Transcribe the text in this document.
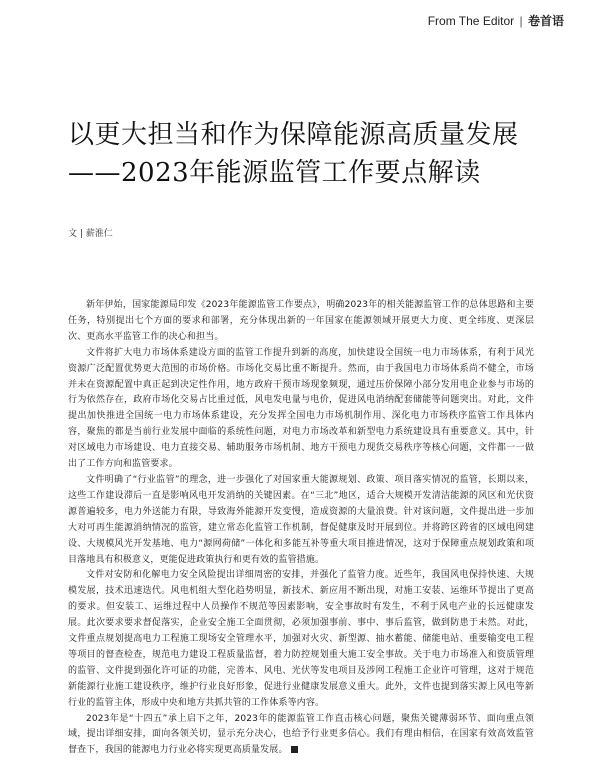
From The Editor | 卷首语
以更大担当和作为保障能源高质量发展
——2023年能源监管工作要点解读
文 | 薪淮仁

新年伊始，国家能源局印发《2023年能源监管工作要点》，明确2023年的相关能源监管工作的总体思路和主要任务，特别提出七个方面的要求和部署，充分体现出新的一年国家在能源领域开展更大力度、更全纬度、更深层次、更高水平监管工作的决心和担当。

文件将扩大电力市场体系建设方面的监管工作提升到新的高度，加快建设全国统一电力市场体系，有利于风光资源广泛配置优势更大范围的市场价格。市场化交易比重不断提升。然而，由于我国电力市场体系尚不健全，市场并未在资源配置中真正起到决定性作用，地方政府干预市场现象频现，通过压价保障小部分发用电企业参与市场的行为依然存在，政府市场化交易占比重过低，风电发电量与电价，促进风电消纳配套储能等问题突出。对此，文件提出加快推进全国统一电力市场体系建设，充分发挥全国电力市场机制作用、深化电力市场秩序监管工作具体内容，聚焦的都是当前行业发展中面临的系统性问题，对电力市场改革和新型电力系统建设具有重要意义。其中，针对区域电力市场建设、电力直接交易、辅助服务市场机制、地方干预电力现货交易秩序等核心问题，文件都一一做出了工作方向和监管要求。

文件明确了“行业监管”的理念，进一步强化了对国家重大能源规划、政策、项目落实情况的监管，长期以来，这些工作建设滞后一直是影响风电开发消纳的关键因素。在“三北”地区，适合大规模开发清洁能源的风区和光伏资源普遍较多，电力外送能力有限，导致海外能源开发变慢，造成资源的大量浪费。针对该问题，文件提出进一步加大对可再生能源消纳情况的监管，建立常态化监管工作机制，督促健康及时开展到位。并将跨区跨省的区域电网建设、大规模风光开发基地、电力“源网荷储”一体化和多能互补等重大项目推进情况，这对于保障重点规划政策和项目落地具有积极意义，更能促进政策执行和更有效的监管措施。

文件对安防和化解电力安全风险提出详细周密的安排，并强化了监管力度。近些年，我国风电保持快速、大规模发展，技术迅速迭代。风电机组大型化趋势明显，新技术、新应用不断出现，对施工安装、运维环节提出了更高的要求。但安装工、运维过程中人员操作不规范等因素影响，安全事故时有发生，不利于风电产业的长远健康发展。此次要求要求督促落实，企业安全施工全面贯彻，必须加强事前、事中、事后监管，做到防患于未然。对此，文件重点规划提高电力工程施工现场安全管理水平，加强对火灾、新型源、抽水蓄能、储能电站、重要输变电工程等项目的督查检查，规范电力建设工程质量监督，着力防控规划重大施工安全事故。关于电力市场准入和资质管理的监管、文件提到强化许可证的功能，完善本、风电、光伏等发电项目及涉网工程施工企业许可管理，这对于规范新能源行业施工建设秩序，维护行业良好形象，促进行业健康发展意义重大。此外，文件也提到落实源上风电等新行业的监管主体，形成中央和地方共抓共管的工作体系等内容。

2023年是“十四五”承上启下之年，2023年的能源监管工作直击核心问题，聚焦关键薄弱环节、面向重点领域，提出详细安排，面向各领关切，显示充分决心，也给予行业更多信心。我们有理由相信，在国家有效高效监管督查下，我国的能源电力行业必将实现更高质量发展。
